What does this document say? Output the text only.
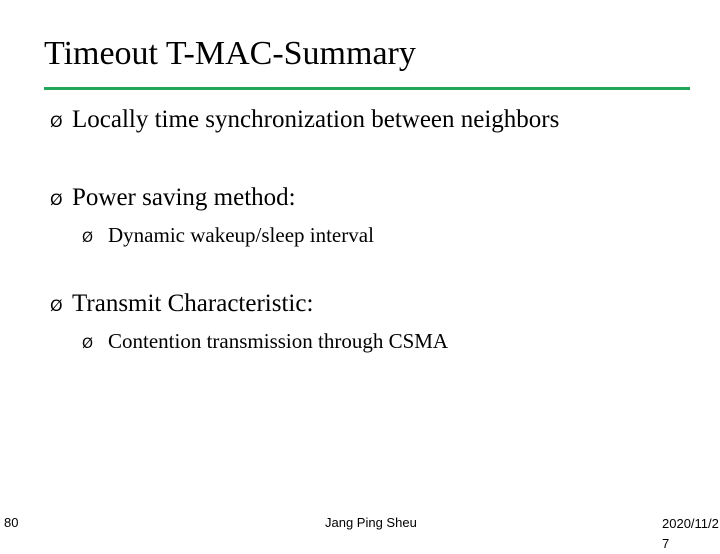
Timeout T-MAC-Summary
Ø Locally time synchronization between neighbors
Ø Power saving method:
Ø Dynamic wakeup/sleep interval
Ø Transmit Characteristic:
Ø Contention transmission through CSMA
80	Jang Ping Sheu	2020/11/27
